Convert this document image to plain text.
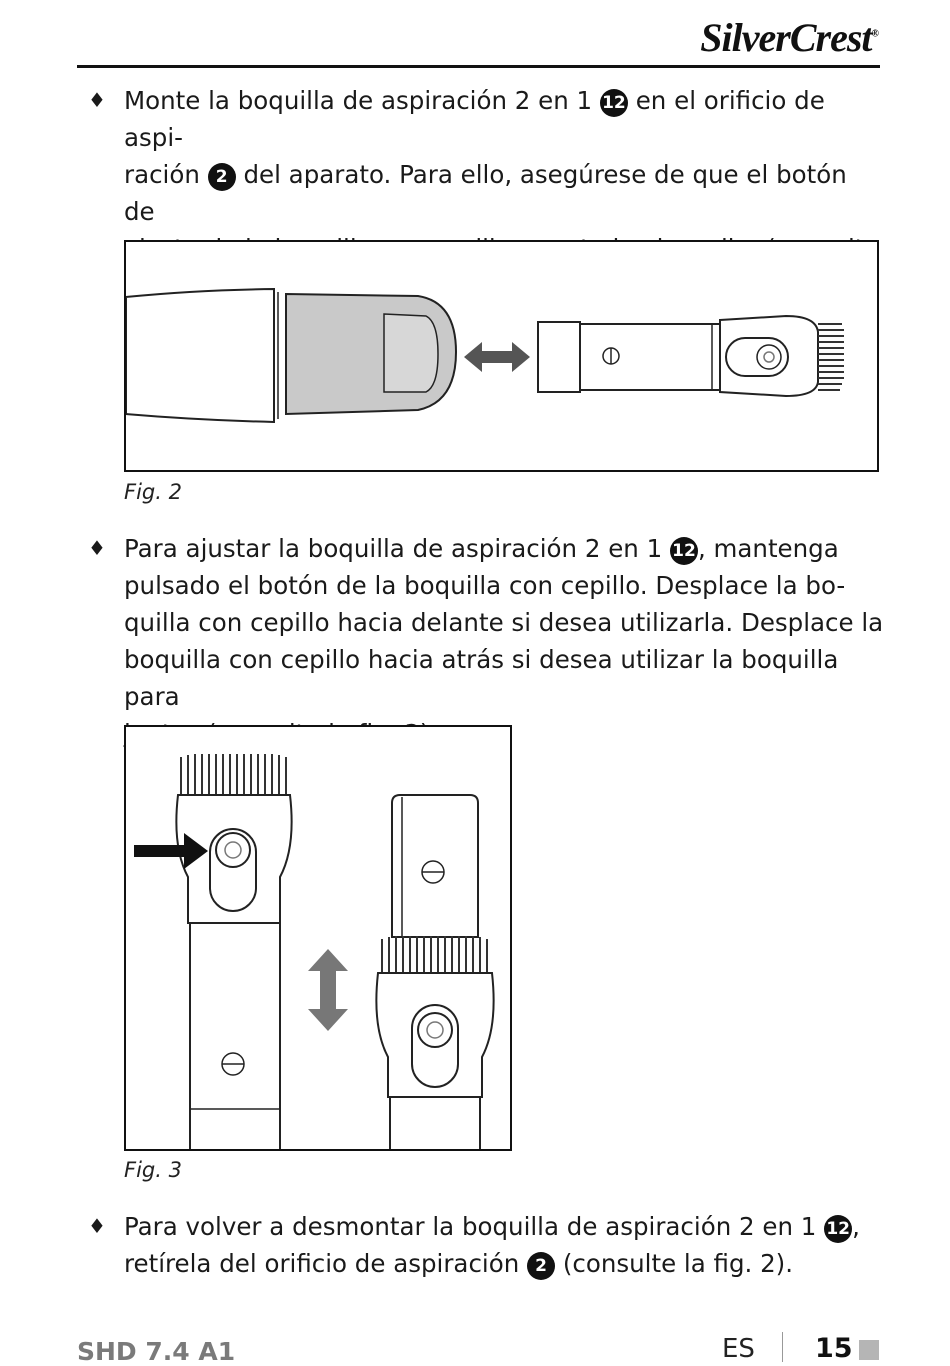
SilverCrest®
♦ Monte la boquilla de aspiración 2 en 1 12 en el orificio de aspi-
ración 2 del aparato. Para ello, asegúrese de que el botón de
Fig. 2
♦ Para ajustar la boquilla de aspiración 2 en 1 12, mantenga
pulsado el botón de la boquilla con cepillo. Desplace la bo-
quilla con cepillo hacia delante si desea utilizarla. Desplace la
boquilla con cepillo hacia atrás si desea utilizar la boquilla para
Fig. 3
♦ Para volver a desmontar la boquilla de aspiración 2 en 1 12,
retírela del orificio de aspiración 2 (consulte la fig. 2).
SHD 7.4 A1	ES 15
